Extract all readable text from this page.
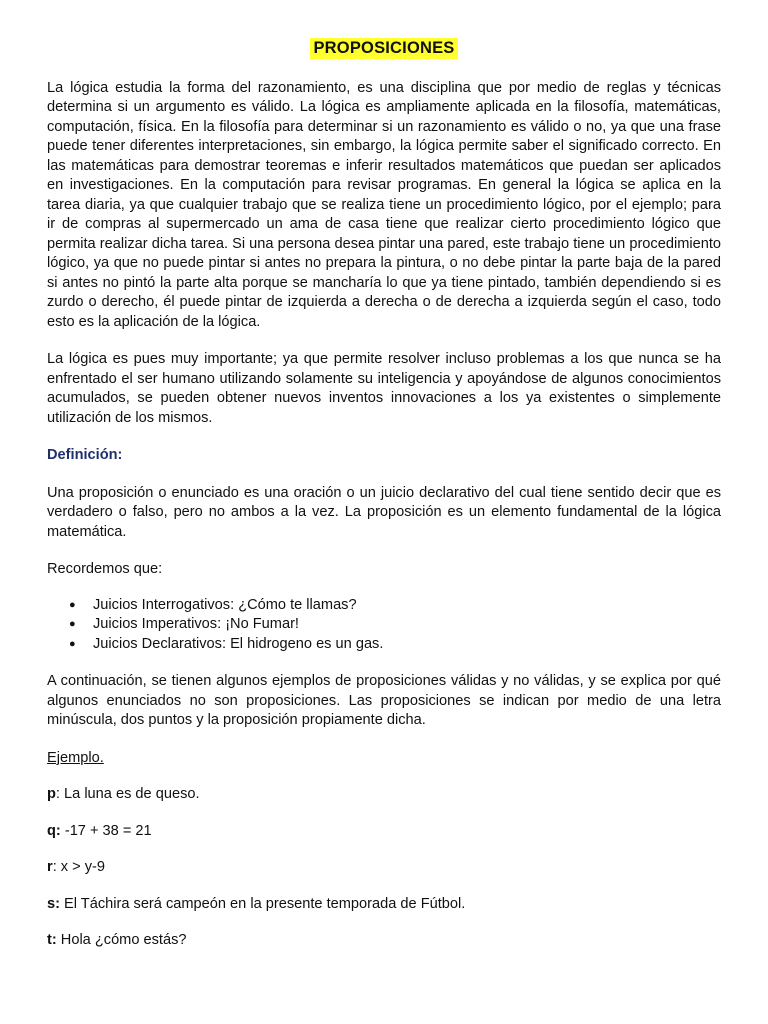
PROPOSICIONES

La lógica estudia la forma del razonamiento, es una disciplina que por medio de reglas y técnicas determina si un argumento es válido. La lógica es ampliamente aplicada en la filosofía, matemáticas, computación, física. En la filosofía para determinar si un razonamiento es válido o no, ya que una frase puede tener diferentes interpretaciones, sin embargo, la lógica permite saber el significado correcto. En las matemáticas para demostrar teoremas e inferir resultados matemáticos que puedan ser aplicados en investigaciones. En la computación para revisar programas. En general la lógica se aplica en la tarea diaria, ya que cualquier trabajo que se realiza tiene un procedimiento lógico, por el ejemplo; para ir de compras al supermercado un ama de casa tiene que realizar cierto procedimiento lógico que permita realizar dicha tarea. Si una persona desea pintar una pared, este trabajo tiene un procedimiento lógico, ya que no puede pintar si antes no prepara la pintura, o no debe pintar la parte baja de la pared si antes no pintó la parte alta porque se mancharía lo que ya tiene pintado, también dependiendo si es zurdo o derecho, él puede pintar de izquierda a derecha o de derecha a izquierda según el caso, todo esto es la aplicación de la lógica.

La lógica es pues muy importante; ya que permite resolver incluso problemas a los que nunca se ha enfrentado el ser humano utilizando solamente su inteligencia y apoyándose de algunos conocimientos acumulados, se pueden obtener nuevos inventos innovaciones a los ya existentes o simplemente utilización de los mismos.

Definición:

Una proposición o enunciado es una oración o un juicio declarativo del cual tiene sentido decir que es verdadero o falso, pero no ambos a la vez. La proposición es un elemento fundamental de la lógica matemática.

Recordemos que:

● Juicios Interrogativos: ¿Cómo te llamas?
● Juicios Imperativos: ¡No Fumar!
● Juicios Declarativos: El hidrogeno es un gas.

A continuación, se tienen algunos ejemplos de proposiciones válidas y no válidas, y se explica por qué algunos enunciados no son proposiciones. Las proposiciones se indican por medio de una letra minúscula, dos puntos y la proposición propiamente dicha.

Ejemplo.

p: La luna es de queso.

q: -17 + 38 = 21

r: x > y-9

s: El Táchira será campeón en la presente temporada de Fútbol.

t: Hola ¿cómo estás?
